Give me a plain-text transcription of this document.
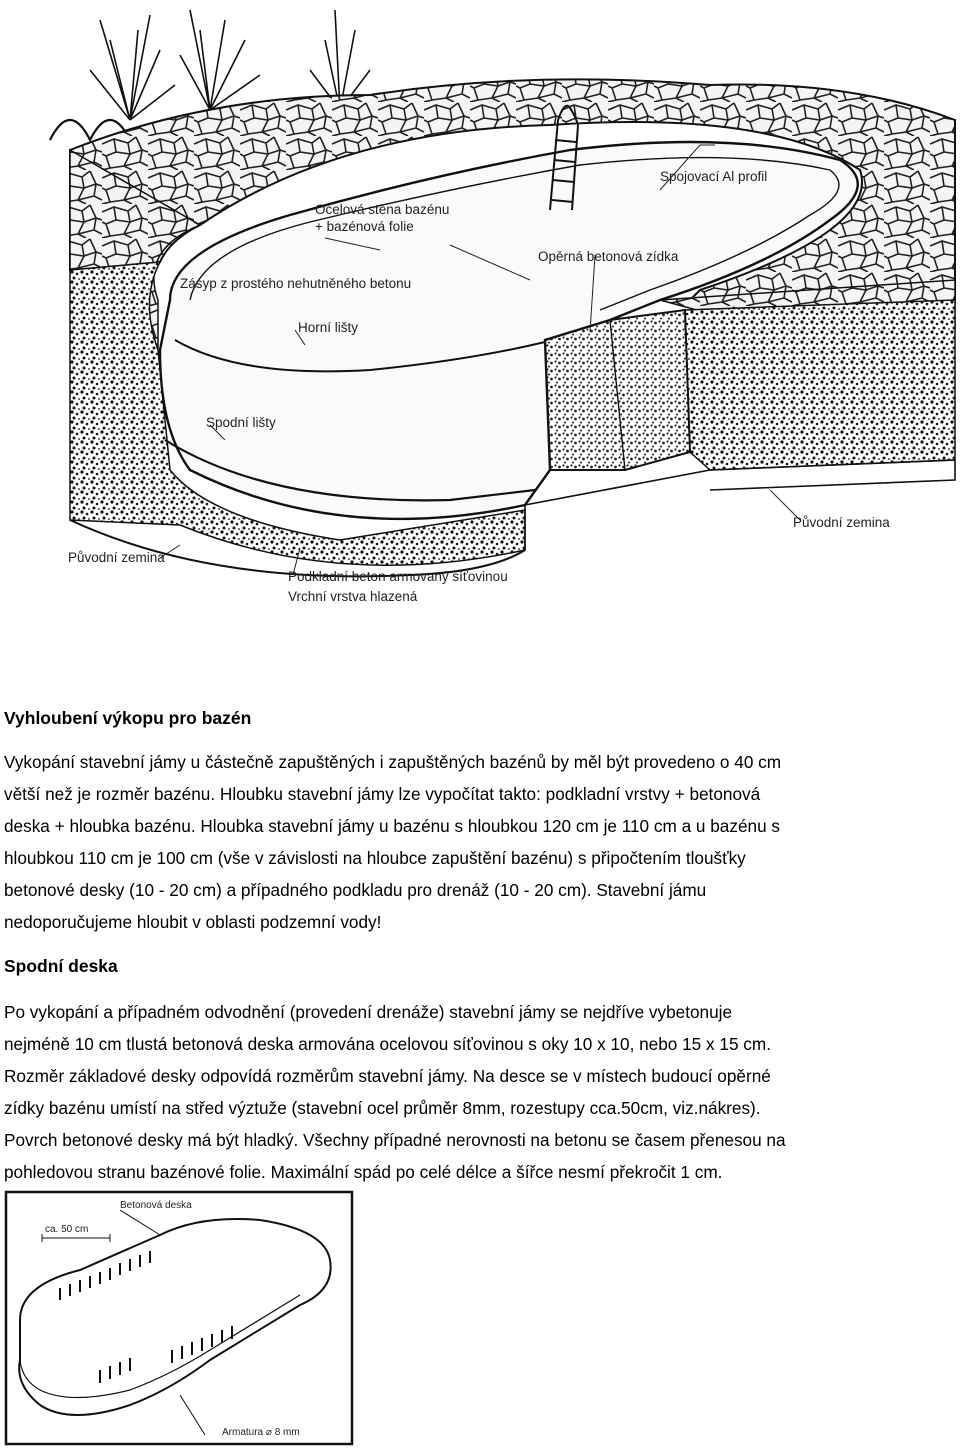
Ocelová stěna bazénu
+ bazénová folie
Spojovací Al profil
Zásyp z prostého nehutněného betonu
Opěrná betonová zídka
Horní lišty
Spodní lišty
Původní zemina
Původní zemina
Podkladní beton armovaný síťovinou
Vrchní vrstva hlazená
Vyhloubení výkopu pro bazén
Vykopání stavební jámy u částečně zapuštěných i zapuštěných bazénů by měl být provedeno o 40 cm
větší než je rozměr bazénu. Hloubku stavební jámy lze vypočítat takto: podkladní vrstvy + betonová
deska + hloubka bazénu. Hloubka stavební jámy u bazénu s hloubkou 120 cm je 110 cm a u bazénu s
hloubkou 110 cm je 100 cm (vše v závislosti na hloubce zapuštění bazénu) s připočtením tloušťky
betonové desky (10 - 20 cm) a případného podkladu pro drenáž (10 - 20 cm). Stavební jámu
nedoporučujeme hloubit v oblasti podzemní vody!
Spodní deska
Po vykopání a případném odvodnění (provedení drenáže) stavební jámy se nejdříve vybetonuje
nejméně 10 cm tlustá betonová deska armována ocelovou síťovinou s oky 10 x 10, nebo 15 x 15 cm.
Rozměr základové desky odpovídá rozměrům stavební jámy. Na desce se v místech budoucí opěrné
zídky bazénu umístí na střed výztuže (stavební ocel průměr 8mm, rozestupy cca.50cm, viz.nákres).
Povrch betonové desky má být hladký. Všechny případné nerovnosti na betonu se časem přenesou na
pohledovou stranu bazénové folie. Maximální spád po celé délce a šířce nesmí překročit 1 cm.
Betonová deska
ca. 50 cm
Armatura ⌀ 8 mm
